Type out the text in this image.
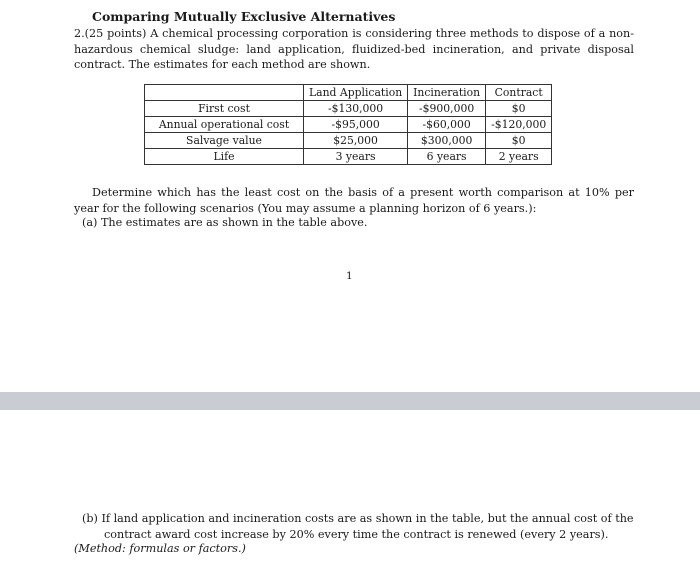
Comparing Mutually Exclusive Alternatives
2.(25 points) A chemical processing corporation is considering three methods to dispose of a non-hazardous chemical sludge: land application, fluidized-bed incineration, and private disposal contract. The estimates for each method are shown.
	Land Application	Incineration	Contract
First cost	-$130,000	-$900,000	$0
Annual operational cost	-$95,000	-$60,000	-$120,000
Salvage value	$25,000	$300,000	$0
Life	3 years	6 years	2 years
Determine which has the least cost on the basis of a present worth comparison at 10% per year for the following scenarios (You may assume a planning horizon of 6 years.):
(a) The estimates are as shown in the table above.
1
(b) If land application and incineration costs are as shown in the table, but the annual cost of the contract award cost increase by 20% every time the contract is renewed (every 2 years).
(Method: formulas or factors.)
